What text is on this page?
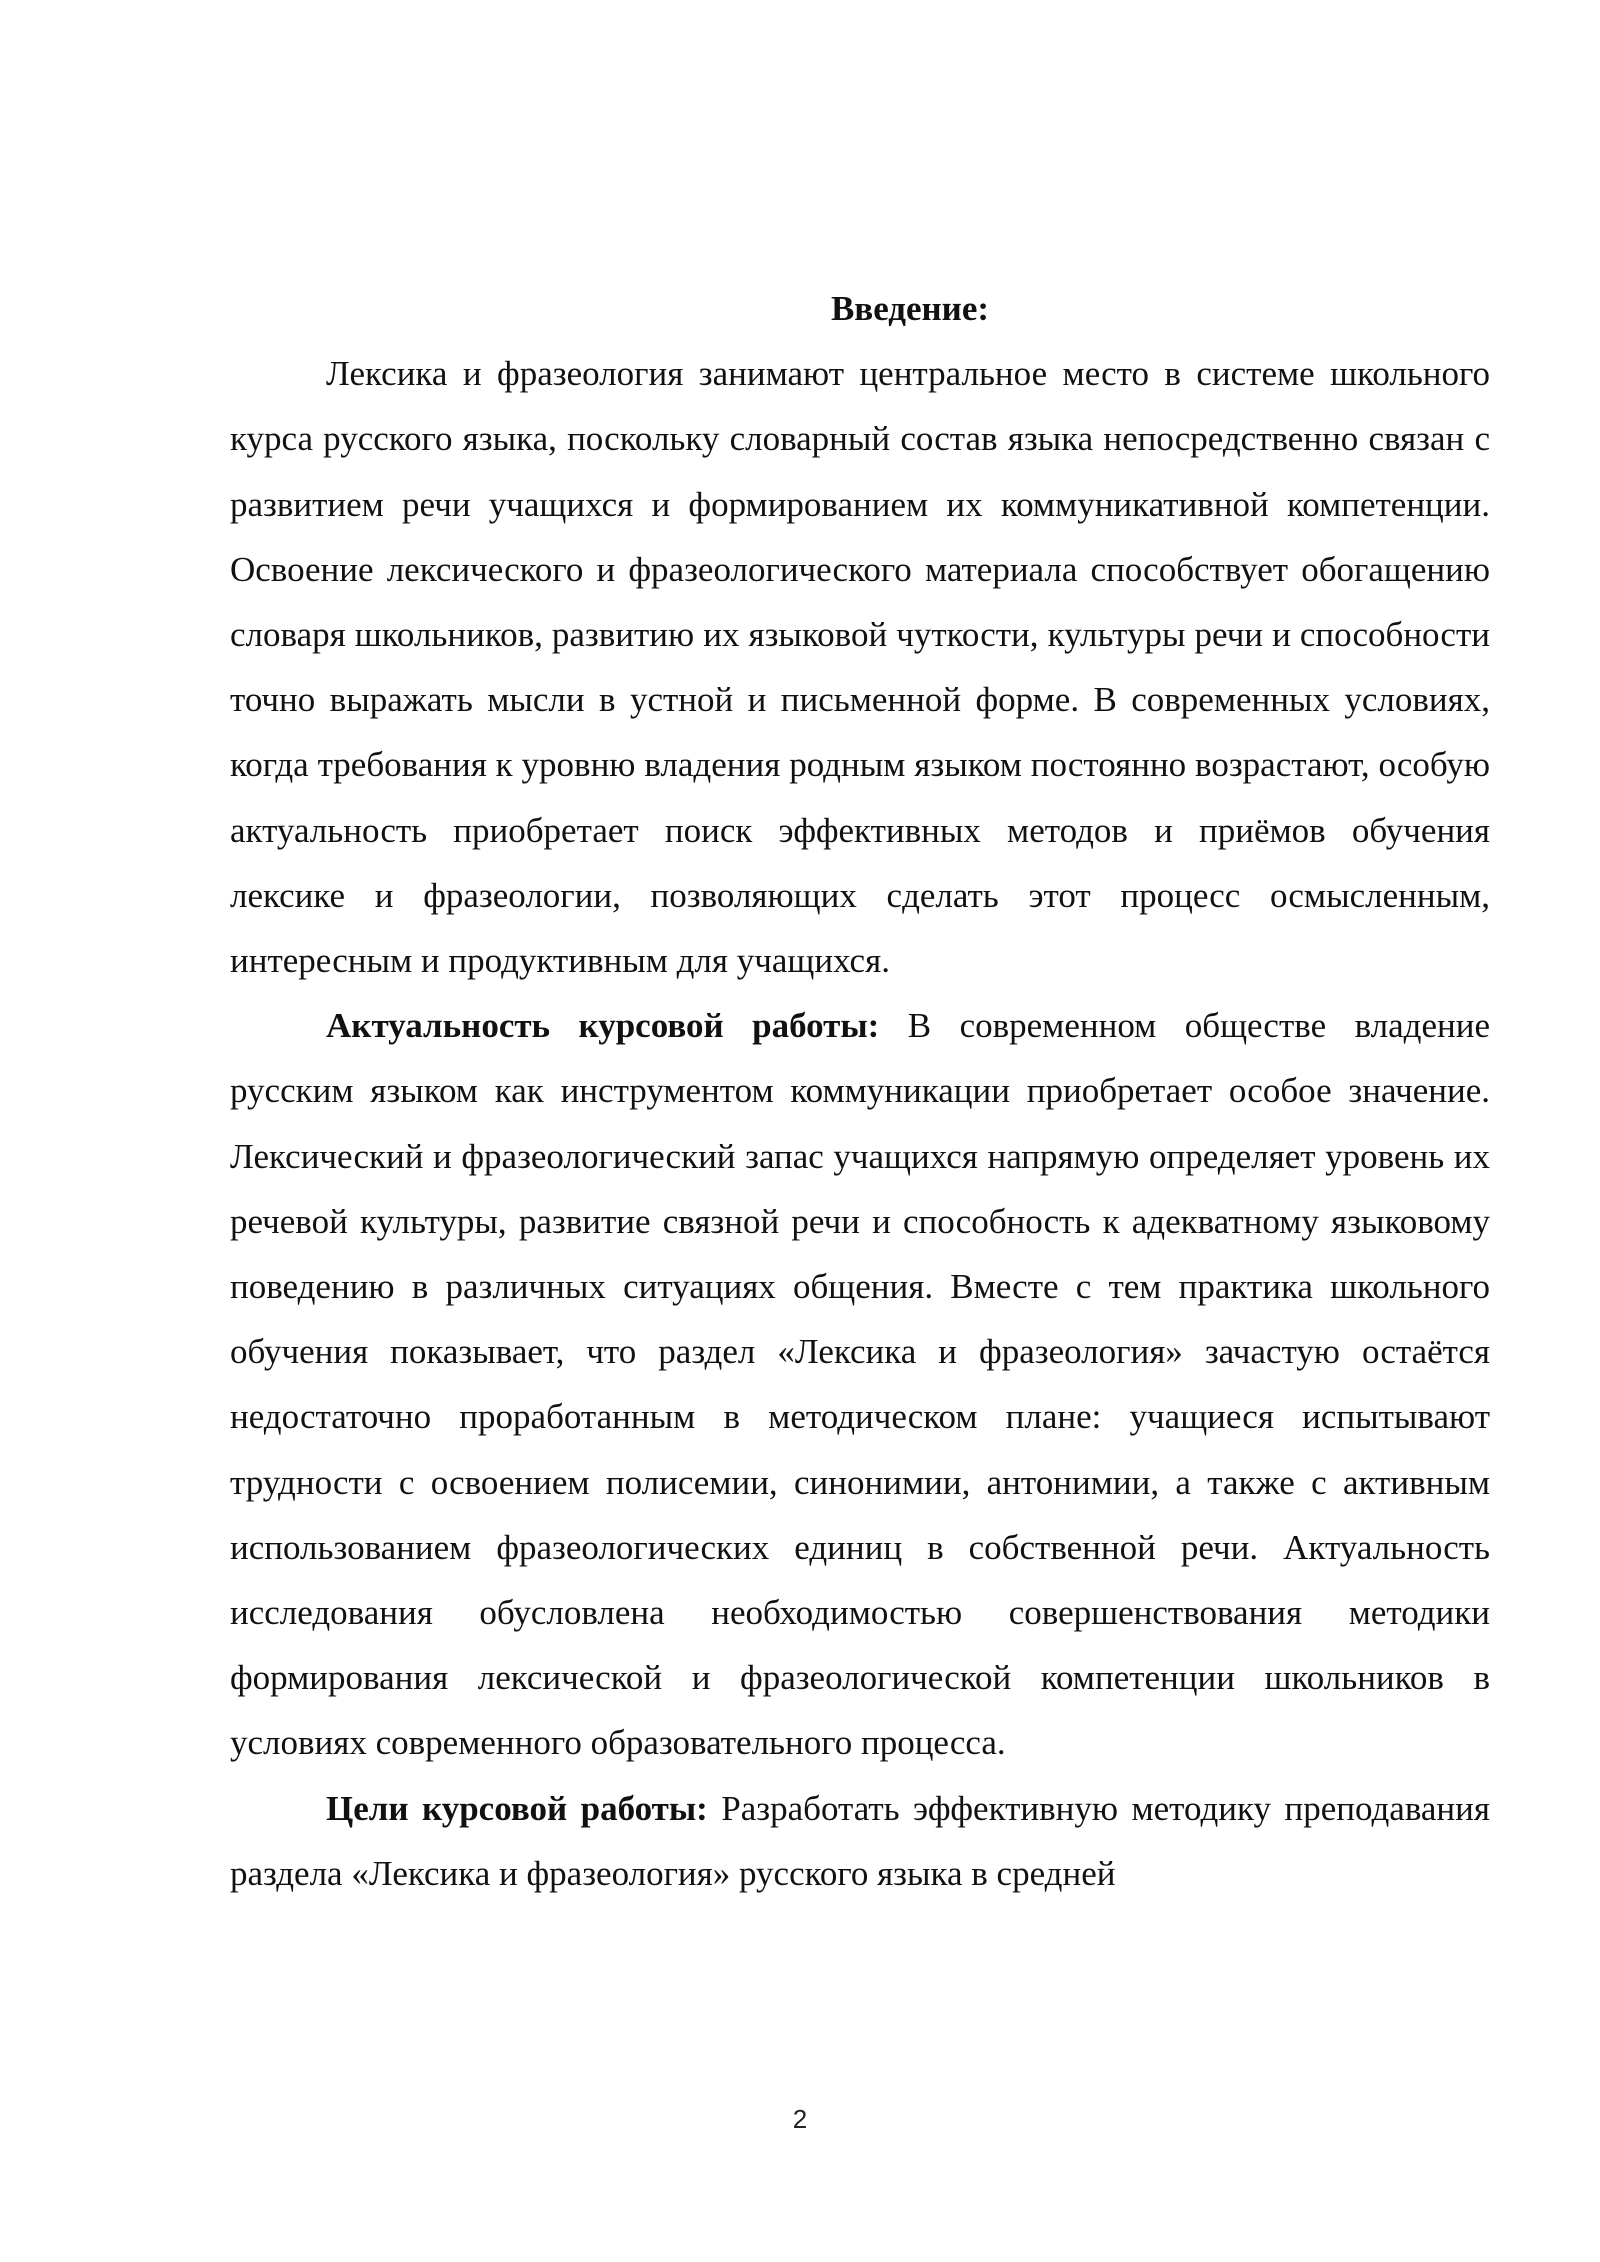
Введение:

Лексика и фразеология занимают центральное место в системе школьного курса русского языка, поскольку словарный состав языка непосредственно связан с развитием речи учащихся и формированием их коммуникативной компетенции. Освоение лексического и фразеологического материала способствует обогащению словаря школьников, развитию их языковой чуткости, культуры речи и способности точно выражать мысли в устной и письменной форме. В современных условиях, когда требования к уровню владения родным языком постоянно возрастают, особую актуальность приобретает поиск эффективных методов и приёмов обучения лексике и фразеологии, позволяющих сделать этот процесс осмысленным, интересным и продуктивным для учащихся.

Актуальность курсовой работы: В современном обществе владение русским языком как инструментом коммуникации приобретает особое значение. Лексический и фразеологический запас учащихся напрямую определяет уровень их речевой культуры, развитие связной речи и способность к адекватному языковому поведению в различных ситуациях общения. Вместе с тем практика школьного обучения показывает, что раздел «Лексика и фразеология» зачастую остаётся недостаточно проработанным в методическом плане: учащиеся испытывают трудности с освоением полисемии, синонимии, антонимии, а также с активным использованием фразеологических единиц в собственной речи. Актуальность исследования обусловлена необходимостью совершенствования методики формирования лексической и фразеологической компетенции школьников в условиях современного образовательного процесса.

Цели курсовой работы: Разработать эффективную методику преподавания раздела «Лексика и фразеология» русского языка в средней

2
